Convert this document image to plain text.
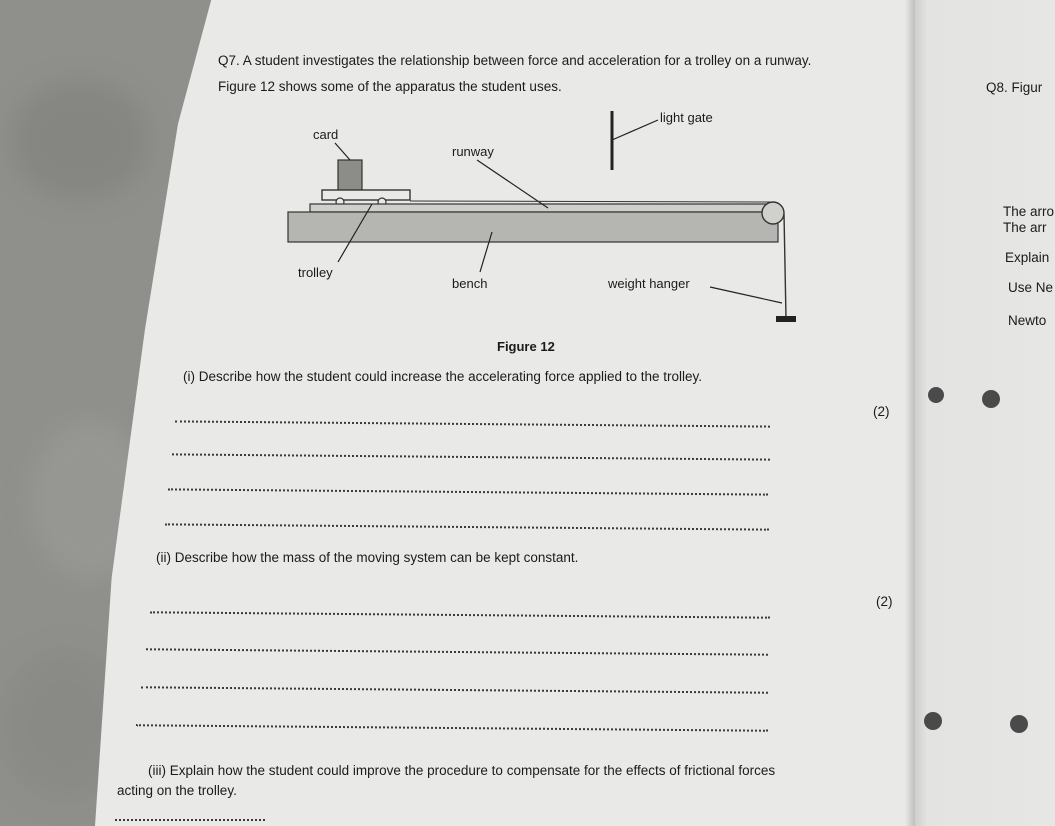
Q7. A student investigates the relationship between force and acceleration for a trolley on a runway.
Figure 12 shows some of the apparatus the student uses.
light gate
card
runway
trolley
bench	weight hanger
Figure 12
(i) Describe how the student could increase the accelerating force applied to the trolley.
(2)
(ii) Describe how the mass of the moving system can be kept constant.
(2)
(iii) Explain how the student could improve the procedure to compensate for the effects of frictional forces
acting on the trolley.
Q8. Figur
The arro
The arr
Explain
Use Ne
Newto
